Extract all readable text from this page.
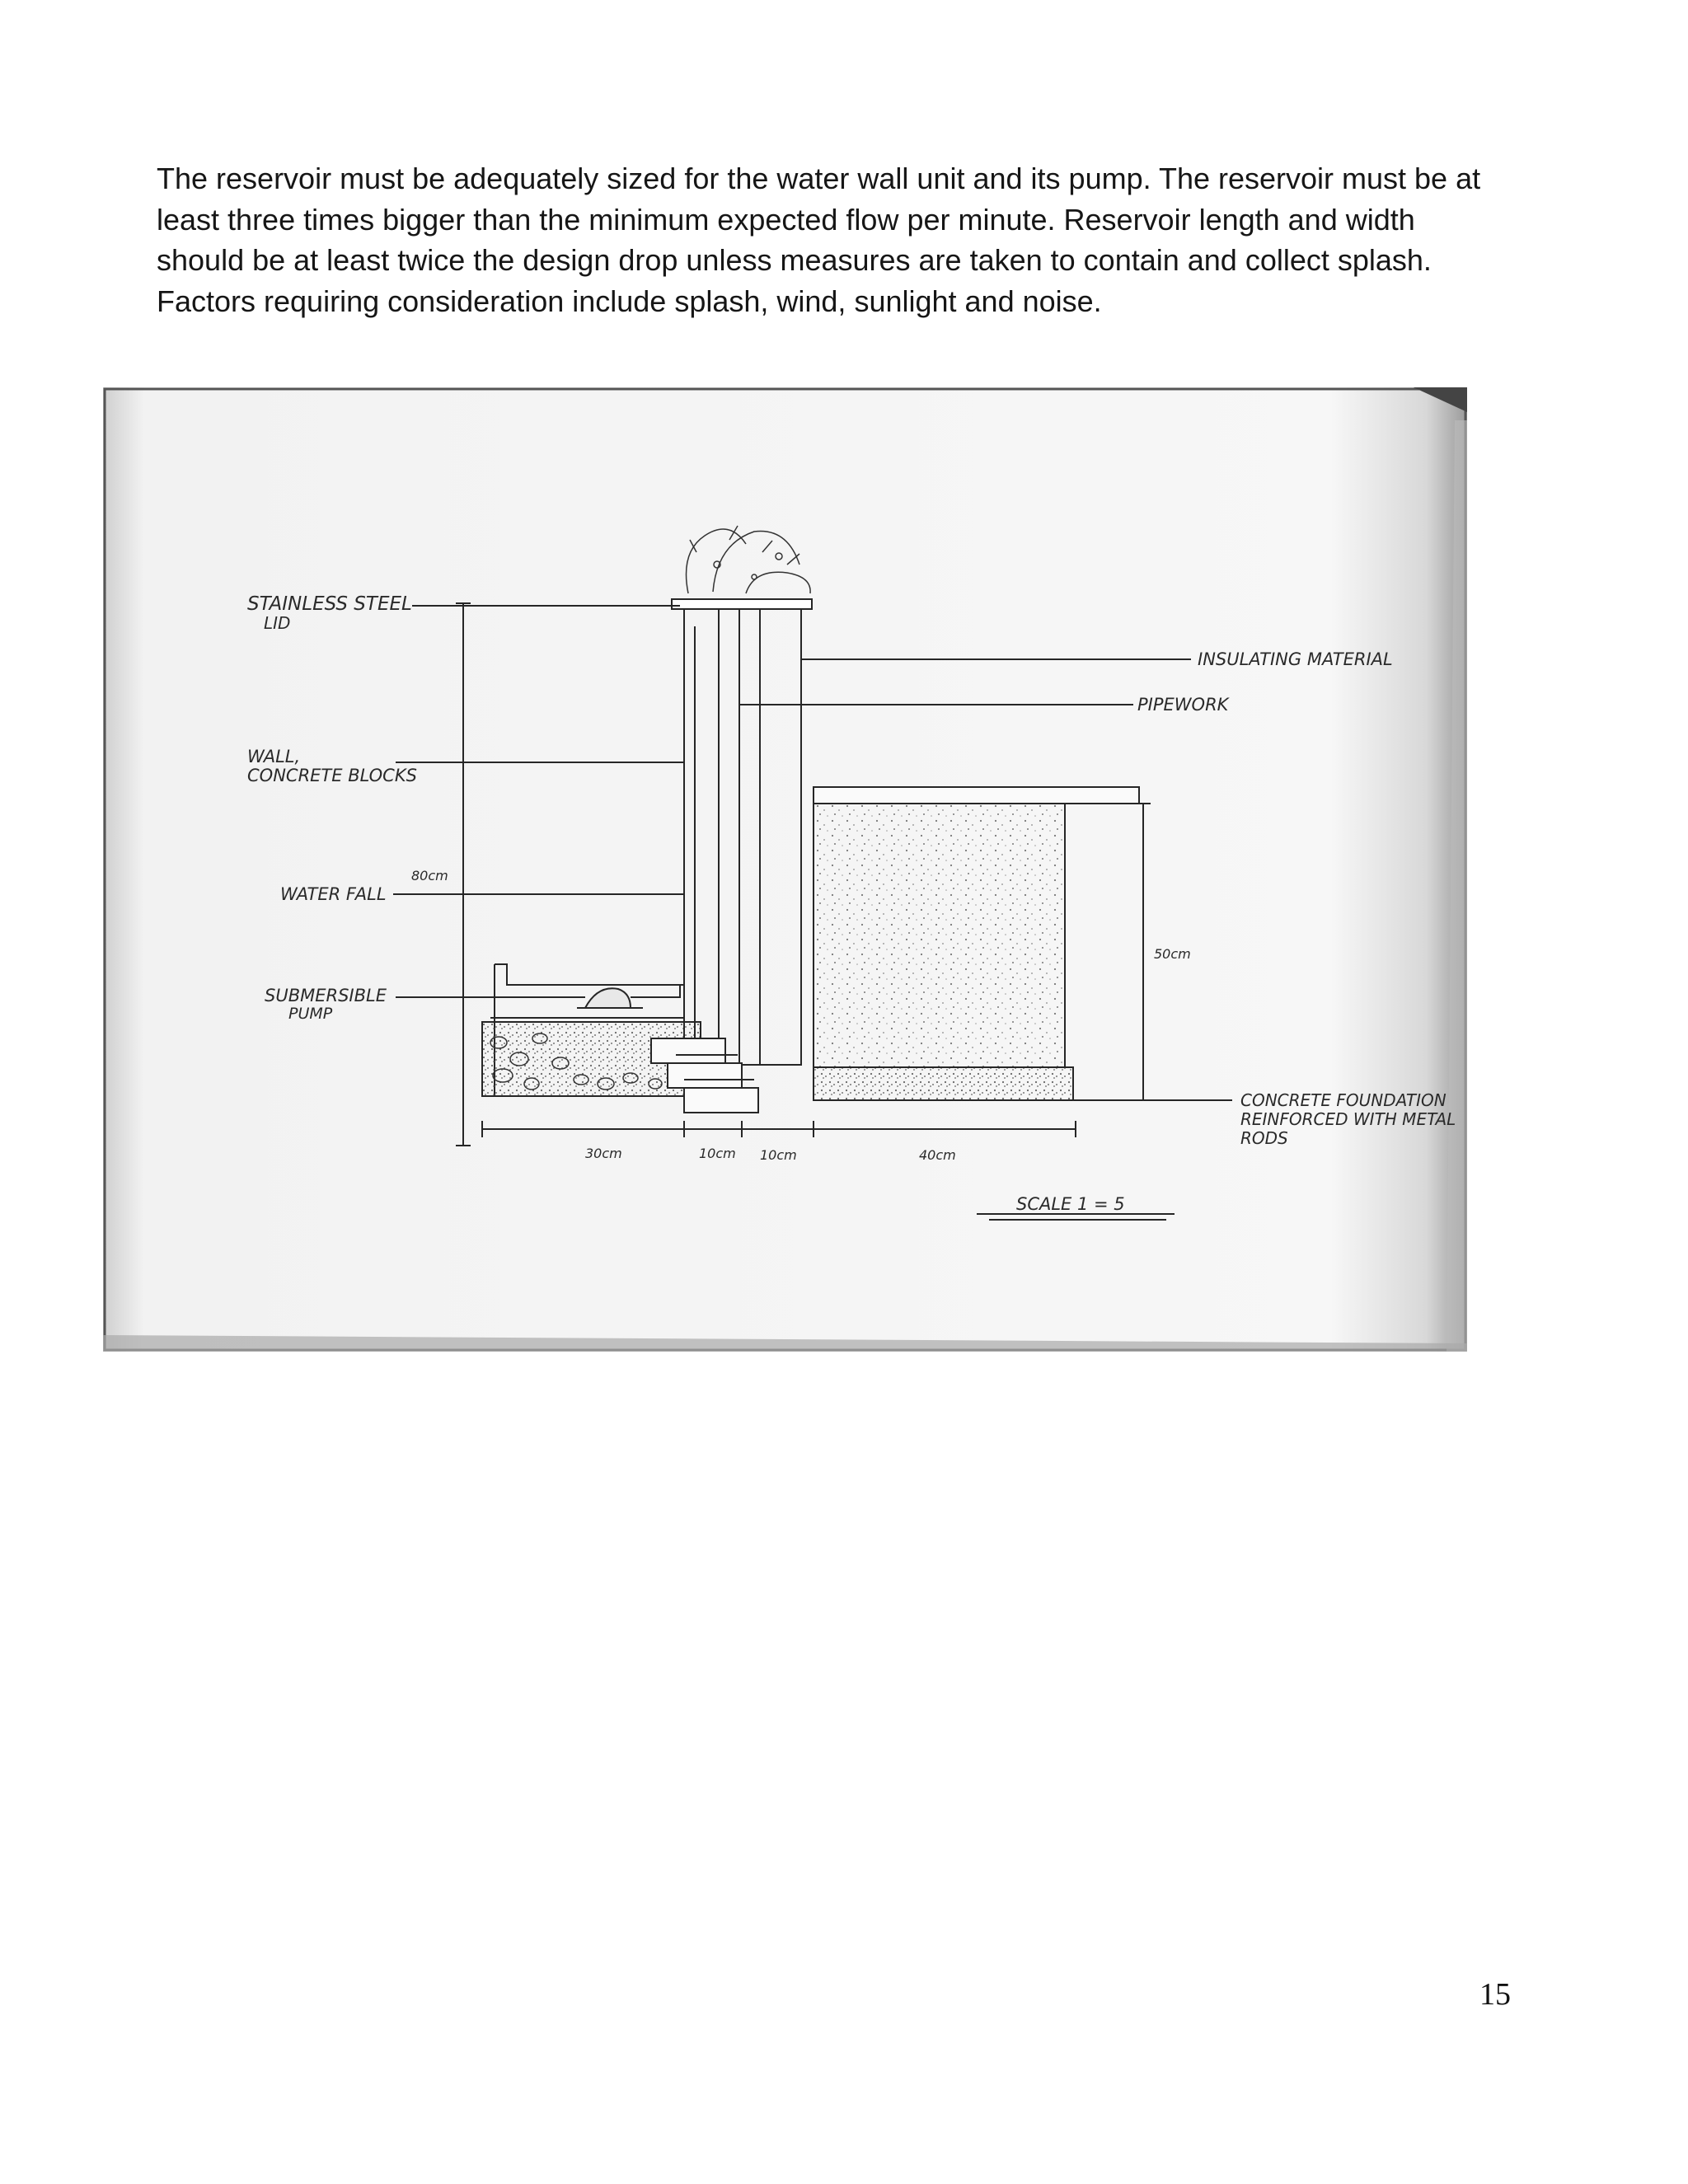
The reservoir must be adequately sized for the water wall unit and its pump. The reservoir must be at
least three times bigger than the minimum expected flow per minute. Reservoir length and width
should be at least twice the design drop unless measures are taken to contain and collect splash.
Factors requiring consideration include splash, wind, sunlight and noise.
STAINLESS STEEL
LID
INSULATING MATERIAL
PIPEWORK
WALL,
CONCRETE BLOCKS
80cm
WATER FALL
50cm
SUBMERSIBLE
PUMP
CONCRETE FOUNDATION
REINFORCED WITH METAL
RODS
30cm	10cm 10cm	40cm
SCALE 1 = 5
15
